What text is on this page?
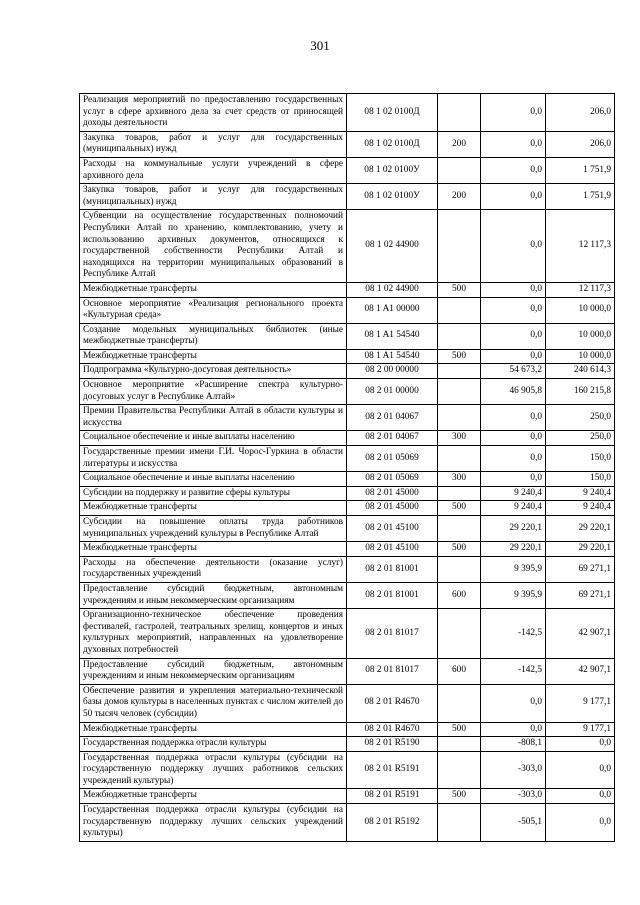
301
Реализация мероприятий по предоставлению государственных услуг в сфере архивного дела за счет средств от приносящей доходы деятельности	08 1 02 0100Д		0,0	206,0
Закупка товаров, работ и услуг для государственных (муниципальных) нужд	08 1 02 0100Д	200	0,0	206,0
Расходы на коммунальные услуги учреждений в сфере архивного дела	08 1 02 0100У		0,0	1 751,9
Закупка товаров, работ и услуг для государственных (муниципальных) нужд	08 1 02 0100У	200	0,0	1 751,9
Субвенции на осуществление государственных полномочий Республики Алтай по хранению, комплектованию, учету и использованию архивных документов, относящихся к государственной собственности Республики Алтай и находящихся на территории муниципальных образований в Республике Алтай	08 1 02 44900		0,0	12 117,3
Межбюджетные трансферты	08 1 02 44900	500	0,0	12 117,3
Основное мероприятие «Реализация регионального проекта «Культурная среда»	08 1 A1 00000		0,0	10 000,0
Создание модельных муниципальных библиотек (иные межбюджетные трансферты)	08 1 A1 54540		0,0	10 000,0
Межбюджетные трансферты	08 1 A1 54540	500	0,0	10 000,0
Подпрограмма «Культурно-досуговая деятельность»	08 2 00 00000		54 673,2	240 614,3
Основное мероприятие «Расширение спектра культурно-досуговых услуг в Республике Алтай»	08 2 01 00000		46 905,8	160 215,8
Премии Правительства Республики Алтай в области культуры и искусства	08 2 01 04067		0,0	250,0
Социальное обеспечение и иные выплаты населению	08 2 01 04067	300	0,0	250,0
Государственные премии имени Г.И. Чорос-Гуркина в области литературы и искусства	08 2 01 05069		0,0	150,0
Социальное обеспечение и иные выплаты населению	08 2 01 05069	300	0,0	150,0
Субсидии на поддержку и развитие сферы культуры	08 2 01 45000		9 240,4	9 240,4
Межбюджетные трансферты	08 2 01 45000	500	9 240,4	9 240,4
Субсидии на повышение оплаты труда работников муниципальных учреждений культуры в Республике Алтай	08 2 01 45100		29 220,1	29 220,1
Межбюджетные трансферты	08 2 01 45100	500	29 220,1	29 220,1
Расходы на обеспечение деятельности (оказание услуг) государственных учреждений	08 2 01 81001		9 395,9	69 271,1
Предоставление субсидий бюджетным, автономным учреждениям и иным некоммерческим организациям	08 2 01 81001	600	9 395,9	69 271,1
Организационно-техническое обеспечение проведения фестивалей, гастролей, театральных зрелищ, концертов и иных культурных мероприятий, направленных на удовлетворение духовных потребностей	08 2 01 81017		-142,5	42 907,1
Предоставление субсидий бюджетным, автономным учреждениям и иным некоммерческим организациям	08 2 01 81017	600	-142,5	42 907,1
Обеспечение развития и укрепления материально-технической базы домов культуры в населенных пунктах с числом жителей до 50 тысяч человек (субсидии)	08 2 01 R4670		0,0	9 177,1
Межбюджетные трансферты	08 2 01 R4670	500	0,0	9 177,1
Государственная поддержка отрасли культуры	08 2 01 R5190		-808,1	0,0
Государственная поддержка отрасли культуры (субсидии на государственную поддержку лучших работников сельских учреждений культуры)	08 2 01 R5191		-303,0	0,0
Межбюджетные трансферты	08 2 01 R5191	500	-303,0	0,0
Государственная поддержка отрасли культуры (субсидии на государственную поддержку лучших сельских учреждений культуры)	08 2 01 R5192		-505,1	0,0
